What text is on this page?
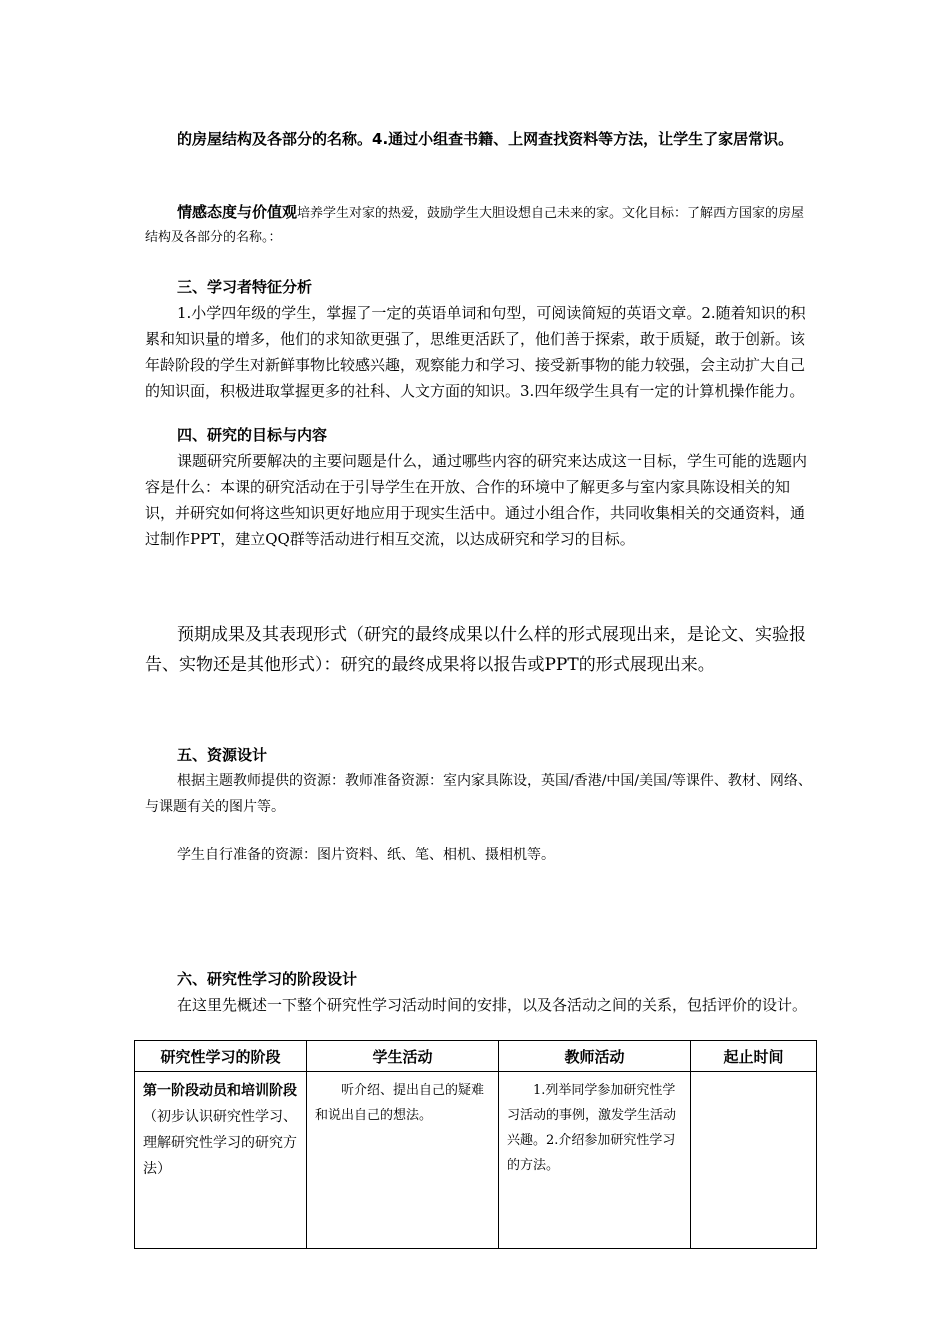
的房屋结构及各部分的名称。4.通过小组查书籍、上网查找资料等方法，让学生了家居常识。

情感态度与价值观培养学生对家的热爱，鼓励学生大胆设想自己未来的家。文化目标：了解西方国家的房屋结构及各部分的名称。：

三、学习者特征分析

1.小学四年级的学生，掌握了一定的英语单词和句型，可阅读简短的英语文章。2.随着知识的积累和知识量的增多，他们的求知欲更强了，思维更活跃了，他们善于探索，敢于质疑，敢于创新。该年龄阶段的学生对新鲜事物比较感兴趣，观察能力和学习、接受新事物的能力较强，会主动扩大自己的知识面，积极进取掌握更多的社科、人文方面的知识。3.四年级学生具有一定的计算机操作能力。

四、研究的目标与内容

课题研究所要解决的主要问题是什么，通过哪些内容的研究来达成这一目标，学生可能的选题内容是什么：本课的研究活动在于引导学生在开放、合作的环境中了解更多与室内家具陈设相关的知识，并研究如何将这些知识更好地应用于现实生活中。通过小组合作，共同收集相关的交通资料，通过制作PPT，建立QQ群等活动进行相互交流，以达成研究和学习的目标。

预期成果及其表现形式（研究的最终成果以什么样的形式展现出来，是论文、实验报告、实物还是其他形式）：研究的最终成果将以报告或PPT的形式展现出来。

五、资源设计

根据主题教师提供的资源：教师准备资源：室内家具陈设，英国/香港/中国/美国/等课件、教材、网络、与课题有关的图片等。

学生自行准备的资源：图片资料、纸、笔、相机、摄相机等。

六、研究性学习的阶段设计

在这里先概述一下整个研究性学习活动时间的安排，以及各活动之间的关系，包括评价的设计。

研究性学习的阶段	学生活动	教师活动	起止时间
第一阶段动员和培训阶段（初步认识研究性学习、理解研究性学习的研究方法）	听介绍、提出自己的疑难和说出自己的想法。	1.列举同学参加研究性学习活动的事例，激发学生活动兴趣。2.介绍参加研究性学习的方法。	
